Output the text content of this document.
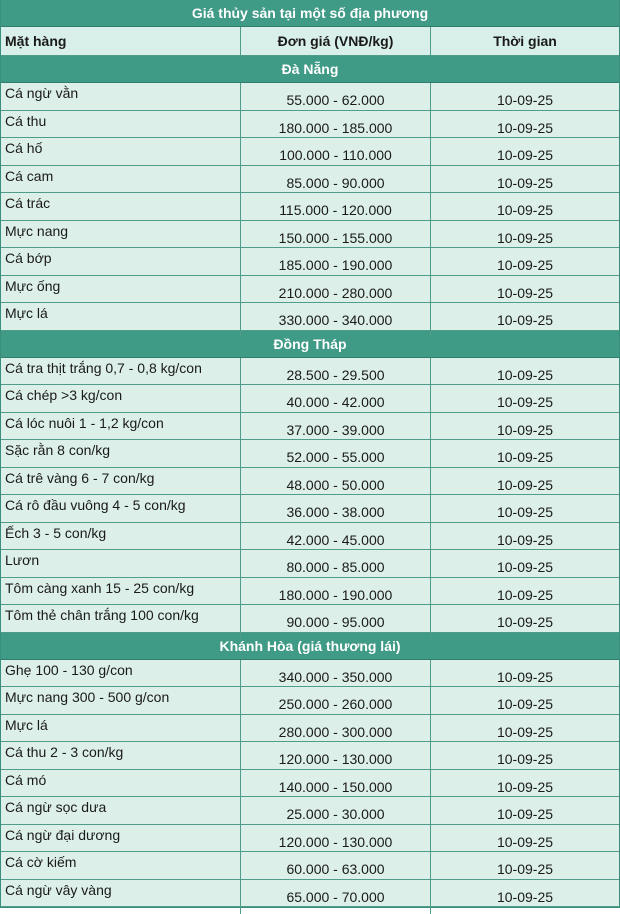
Giá thủy sản tại một số địa phương
Mặt hàng	Đơn giá (VNĐ/kg)	Thời gian
Đà Nẵng
Cá ngừ vằn	55.000 - 62.000	10-09-25
Cá thu	180.000 - 185.000	10-09-25
Cá hố	100.000 - 110.000	10-09-25
Cá cam	85.000 - 90.000	10-09-25
Cá trác	115.000 - 120.000	10-09-25
Mực nang	150.000 - 155.000	10-09-25
Cá bớp	185.000 - 190.000	10-09-25
Mực ống	210.000 - 280.000	10-09-25
Mực lá	330.000 - 340.000	10-09-25
Đồng Tháp
Cá tra thịt trắng 0,7 - 0,8 kg/con	28.500 - 29.500	10-09-25
Cá chép >3 kg/con	40.000 - 42.000	10-09-25
Cá lóc nuôi 1 - 1,2 kg/con	37.000 - 39.000	10-09-25
Sặc rằn 8 con/kg	52.000 - 55.000	10-09-25
Cá trê vàng 6 - 7 con/kg	48.000 - 50.000	10-09-25
Cá rô đầu vuông 4 - 5 con/kg	36.000 - 38.000	10-09-25
Ếch 3 - 5 con/kg	42.000 - 45.000	10-09-25
Lươn	80.000 - 85.000	10-09-25
Tôm càng xanh 15 - 25 con/kg	180.000 - 190.000	10-09-25
Tôm thẻ chân trắng 100 con/kg	90.000 - 95.000	10-09-25
Khánh Hòa (giá thương lái)
Ghẹ 100 - 130 g/con	340.000 - 350.000	10-09-25
Mực nang 300 - 500 g/con	250.000 - 260.000	10-09-25
Mực lá	280.000 - 300.000	10-09-25
Cá thu 2 - 3 con/kg	120.000 - 130.000	10-09-25
Cá mó	140.000 - 150.000	10-09-25
Cá ngừ sọc dưa	25.000 - 30.000	10-09-25
Cá ngừ đại dương	120.000 - 130.000	10-09-25
Cá cờ kiếm	60.000 - 63.000	10-09-25
Cá ngừ vây vàng	65.000 - 70.000	10-09-25
